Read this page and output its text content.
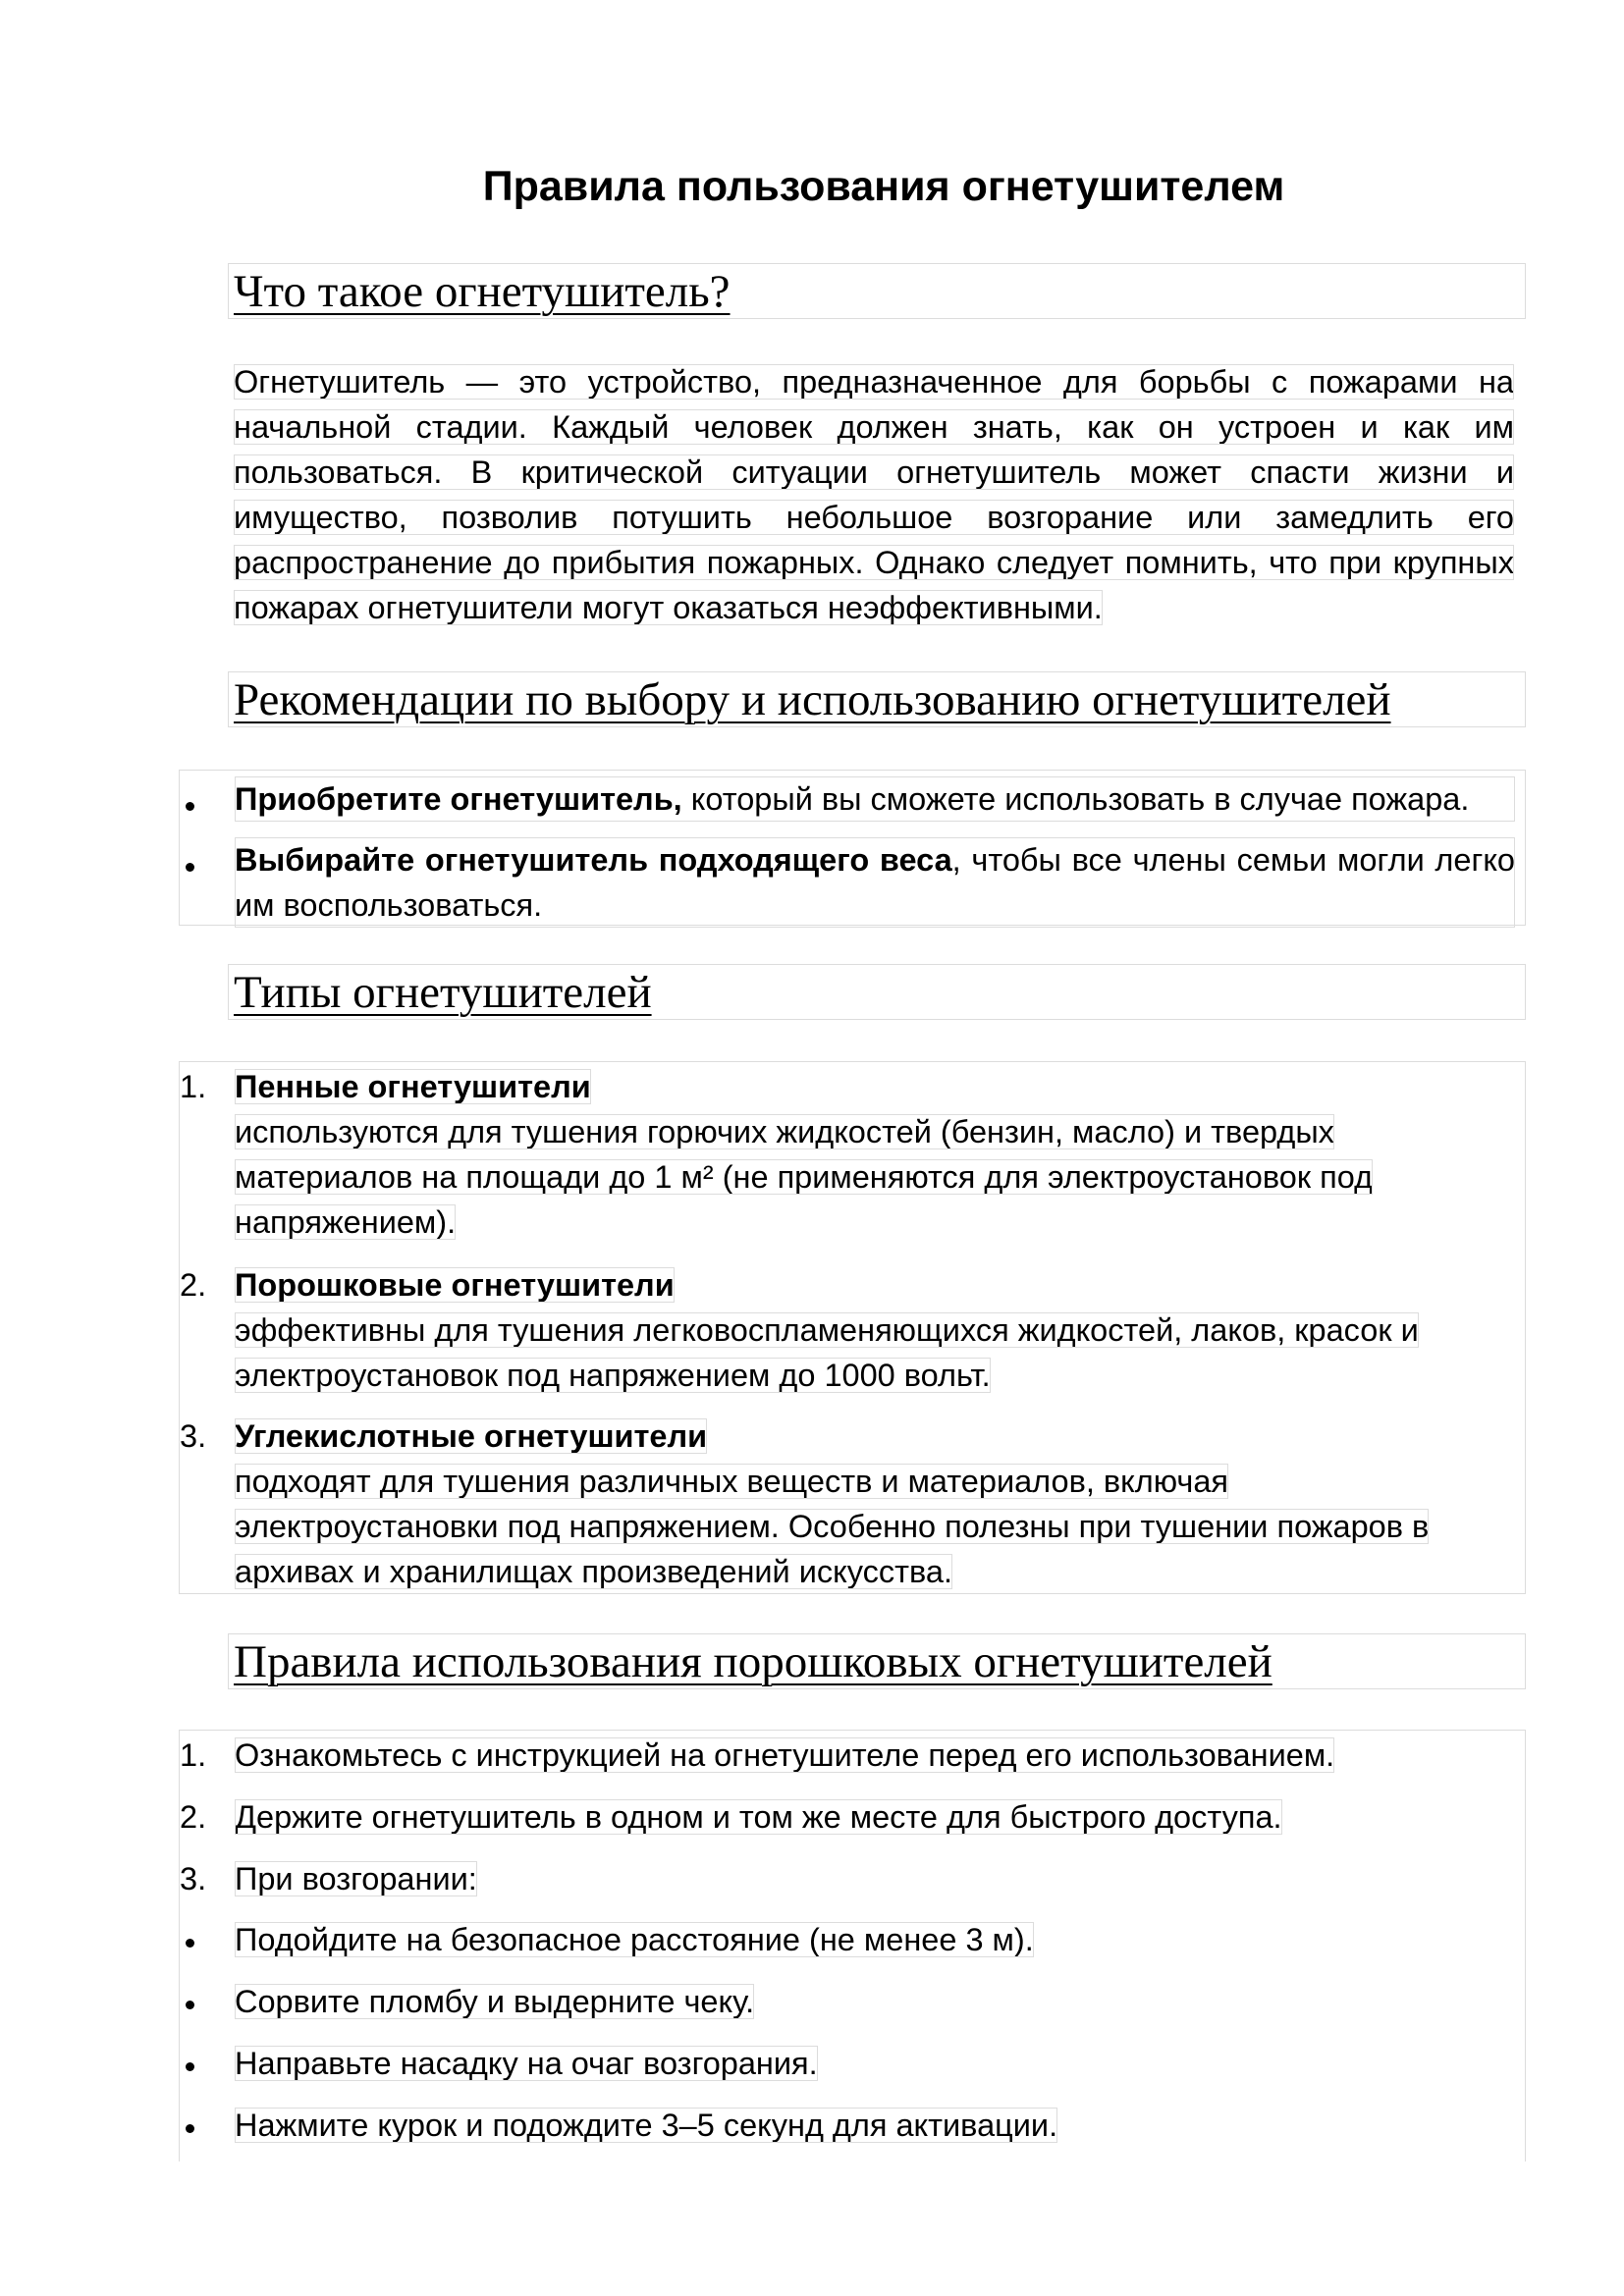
Правила пользования огнетушителем
Что такое огнетушитель?
Огнетушитель — это устройство, предназначенное для борьбы с пожарами на начальной стадии. Каждый человек должен знать, как он устроен и как им пользоваться. В критической ситуации огнетушитель может спасти жизни и имущество, позволив потушить небольшое возгорание или замедлить его распространение до прибытия пожарных. Однако следует помнить, что при крупных пожарах огнетушители могут оказаться неэффективными.
Рекомендации по выбору и использованию огнетушителей
Приобретите огнетушитель, который вы сможете использовать в случае пожара.
Выбирайте огнетушитель подходящего веса, чтобы все члены семьи могли легко им воспользоваться.
Типы огнетушителей
1. Пенные огнетушители
используются для тушения горючих жидкостей (бензин, масло) и твердых
материалов на площади до 1 м² (не применяются для электроустановок под
напряжением).
2. Порошковые огнетушители
эффективны для тушения легковоспламеняющихся жидкостей, лаков, красок и
электроустановок под напряжением до 1000 вольт.
3. Углекислотные огнетушители
подходят для тушения различных веществ и материалов, включая
электроустановки под напряжением. Особенно полезны при тушении пожаров в
архивах и хранилищах произведений искусства.
Правила использования порошковых огнетушителей
1. Ознакомьтесь с инструкцией на огнетушителе перед его использованием.
2. Держите огнетушитель в одном и том же месте для быстрого доступа.
3. При возгорании:
Подойдите на безопасное расстояние (не менее 3 м).
Сорвите пломбу и выдерните чеку.
Направьте насадку на очаг возгорания.
Нажмите курок и подождите 3–5 секунд для активации.
